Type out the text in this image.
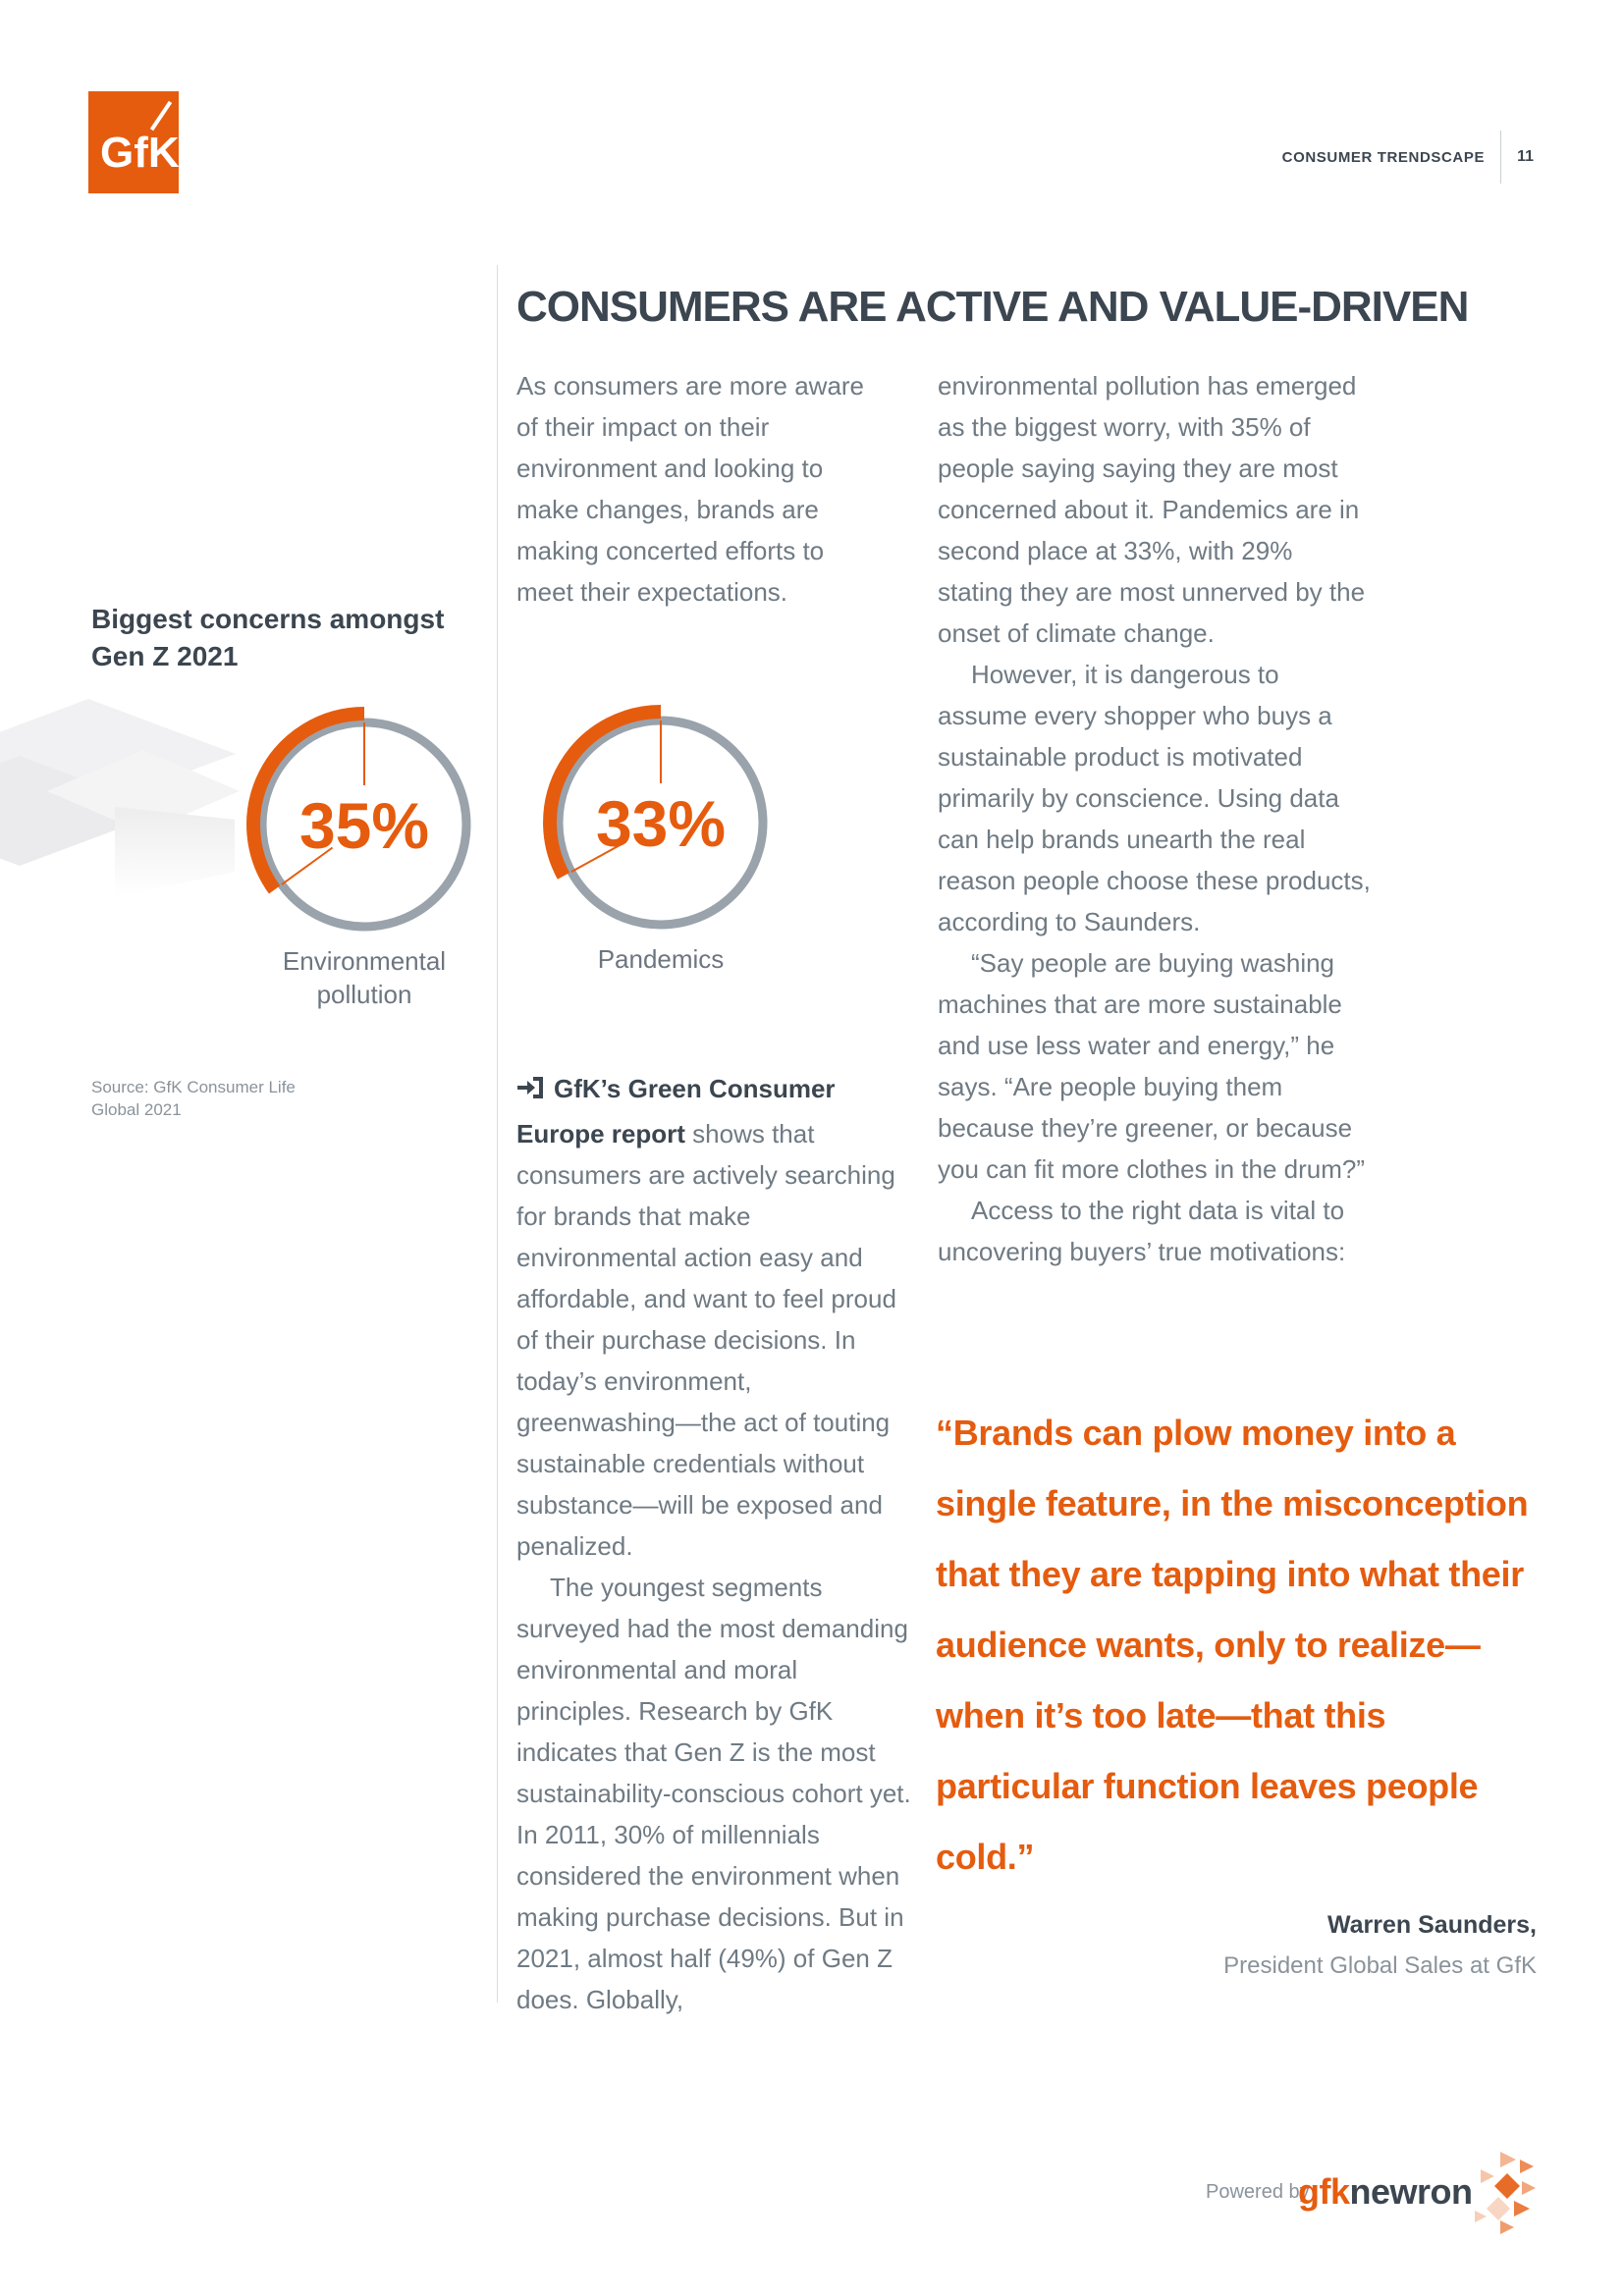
GfK	CONSUMER TRENDSCAPE 11
CONSUMERS ARE ACTIVE AND VALUE-DRIVEN
As consumers are more aware of their impact on their environment and looking to make changes, brands are making concerted efforts to meet their expectations.

environmental pollution has emerged as the biggest worry, with 35% of people saying saying they are most concerned about it. Pandemics are in second place at 33%, with 29% stating they are most unnerved by the onset of climate change.

However, it is dangerous to assume every shopper who buys a sustainable product is motivated primarily by conscience. Using data can help brands unearth the real reason people choose these products, according to Saunders.

“Say people are buying washing machines that are more sustainable and use less water and energy,” he says. “Are people buying them because they’re greener, or because you can fit more clothes in the drum?”

Access to the right data is vital to uncovering buyers’ true motivations:

Biggest concerns amongst Gen Z 2021
35%
Environmental pollution
33%
Pandemics
Source: GfK Consumer Life Global 2021

GfK’s Green Consumer Europe report shows that consumers are actively searching for brands that make environmental action easy and affordable, and want to feel proud of their purchase decisions. In today’s environment, greenwashing—the act of touting sustainable credentials without substance—will be exposed and penalized.

The youngest segments surveyed had the most demanding environmental and moral principles. Research by GfK indicates that Gen Z is the most sustainability-conscious cohort yet. In 2011, 30% of millennials considered the environment when making purchase decisions. But in 2021, almost half (49%) of Gen Z does. Globally,

“Brands can plow money into a single feature, in the misconception that they are tapping into what their audience wants, only to realize—when it’s too late—that this particular function leaves people cold.”
Warren Saunders,
President Global Sales at GfK
Powered by
gfknewron
